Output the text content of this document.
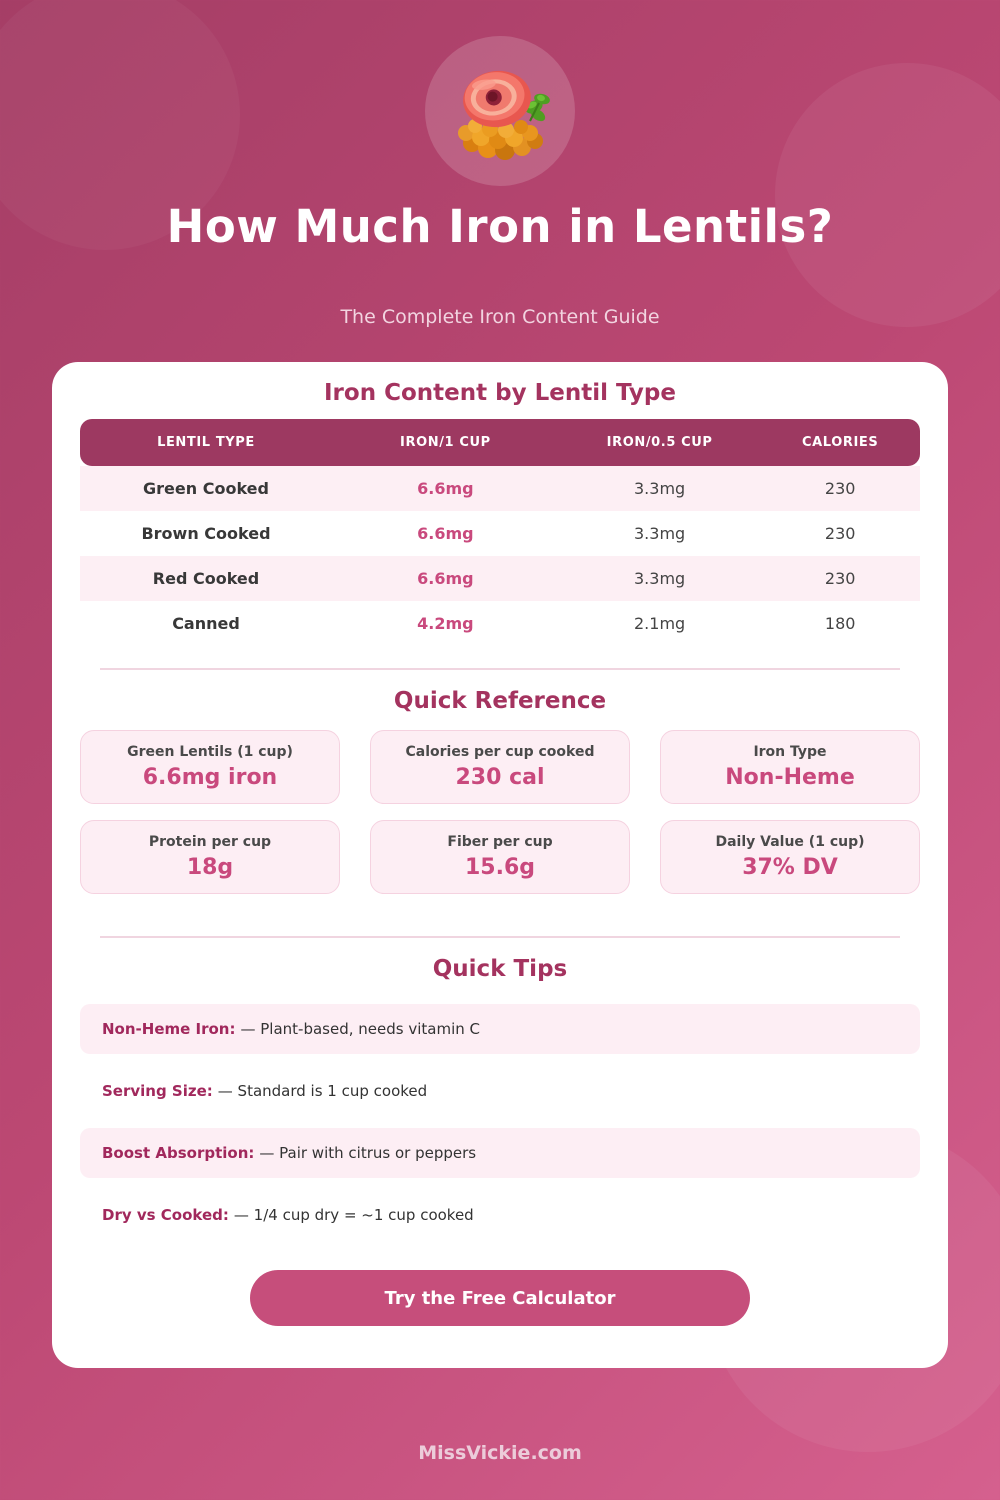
How Much Iron in Lentils?

The Complete Iron Content Guide

Iron Content by Lentil Type
LENTIL TYPE	IRON/1 CUP	IRON/0.5 CUP	CALORIES
Green Cooked	6.6mg	3.3mg	230
Brown Cooked	6.6mg	3.3mg	230
Red Cooked	6.6mg	3.3mg	230
Canned	4.2mg	2.1mg	180
Quick Reference
Green Lentils (1 cup)
6.6mg iron
Calories per cup cooked
230 cal
Iron Type
Non-Heme
Protein per cup
18g
Fiber per cup
15.6g
Daily Value (1 cup)
37% DV
Quick Tips
Non-Heme Iron: — Plant-based, needs vitamin C
Serving Size: — Standard is 1 cup cooked
Boost Absorption: — Pair with citrus or peppers
Dry vs Cooked: — 1/4 cup dry = ~1 cup cooked
Try the Free Calculator
MissVickie.com
